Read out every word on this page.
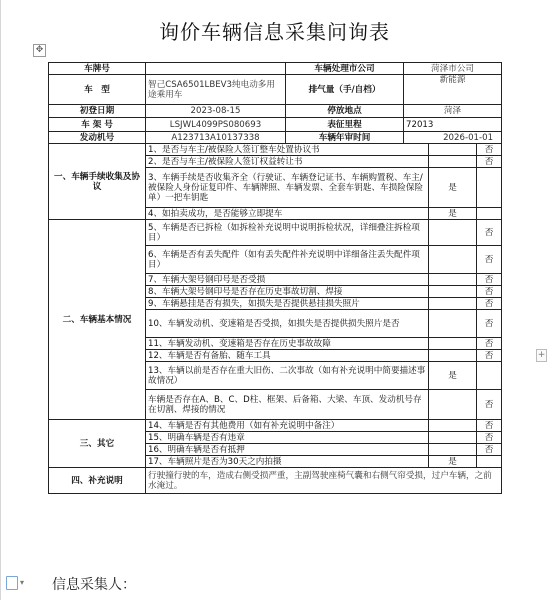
询价车辆信息采集问询表
✥
+
车牌号		车辆处理市公司	菏泽市公司		
车　型	智己CSA6501LBEV3纯电动多用途乘用车	排气量（手/自档）	新能源		
初登日期	2023-08-15	停放地点	菏泽		
车 架 号	LSJWL4099PS080693	表征里程	72013		
发动机号	A123713A10137338	车辆年审时间	2026-01-01		
一、车辆手续收集及协议	1、是否与车主/被保险人签订整车处置协议书				否
	2、是否与车主/被保险人签订权益转让书				否
	3、车辆手续是否收集齐全（行驶证、车辆登记证书、车辆购置税、车主/被保险人身份证复印件、车辆牌照、车辆发票、全套车钥匙、车损险保险单）一把车钥匙			是	
	4、如拍卖成功，是否能够立即提车			是	
二、车辆基本情况	5、车辆是否已拆检（如拆检补充说明中说明拆检状况，详细叠注拆检项目）				否
	6、车辆是否有丢失配件（如有丢失配件补充说明中详细备注丢失配件项目）				否
	7、车辆大架号钢印号是否受损				否
	8、车辆大架号钢印号是否存在历史事故切割、焊接				否
	9、车辆悬挂是否有损失，如损失是否提供悬挂损失照片				否
	10、车辆发动机、变速箱是否受损，如损失是否提供损失照片是否				否
	11、车辆发动机、变速箱是否存在历史事故故障				否
	12、车辆是否有备胎、随车工具				否
	13、车辆以前是否存在重大旧伤、二次事故（如有补充说明中简要描述事故情况）			是	
	车辆是否存在A、B、C、D柱、框架、后备箱、大梁、车顶、发动机号存在切割、焊接的情况				否
三、其它	14、车辆是否有其他费用（如有补充说明中备注）				否
	15、明确车辆是否有违章				否
	16、明确车辆是否有抵押				否
	17、车辆照片是否为30天之内拍摄			是	
四、补充说明	行驶撞行驶的车，造成右侧受损严重，主副驾驶座椅气囊和右侧气帘受损，过户车辆，之前水淹过。				
▾ 信息采集人：
